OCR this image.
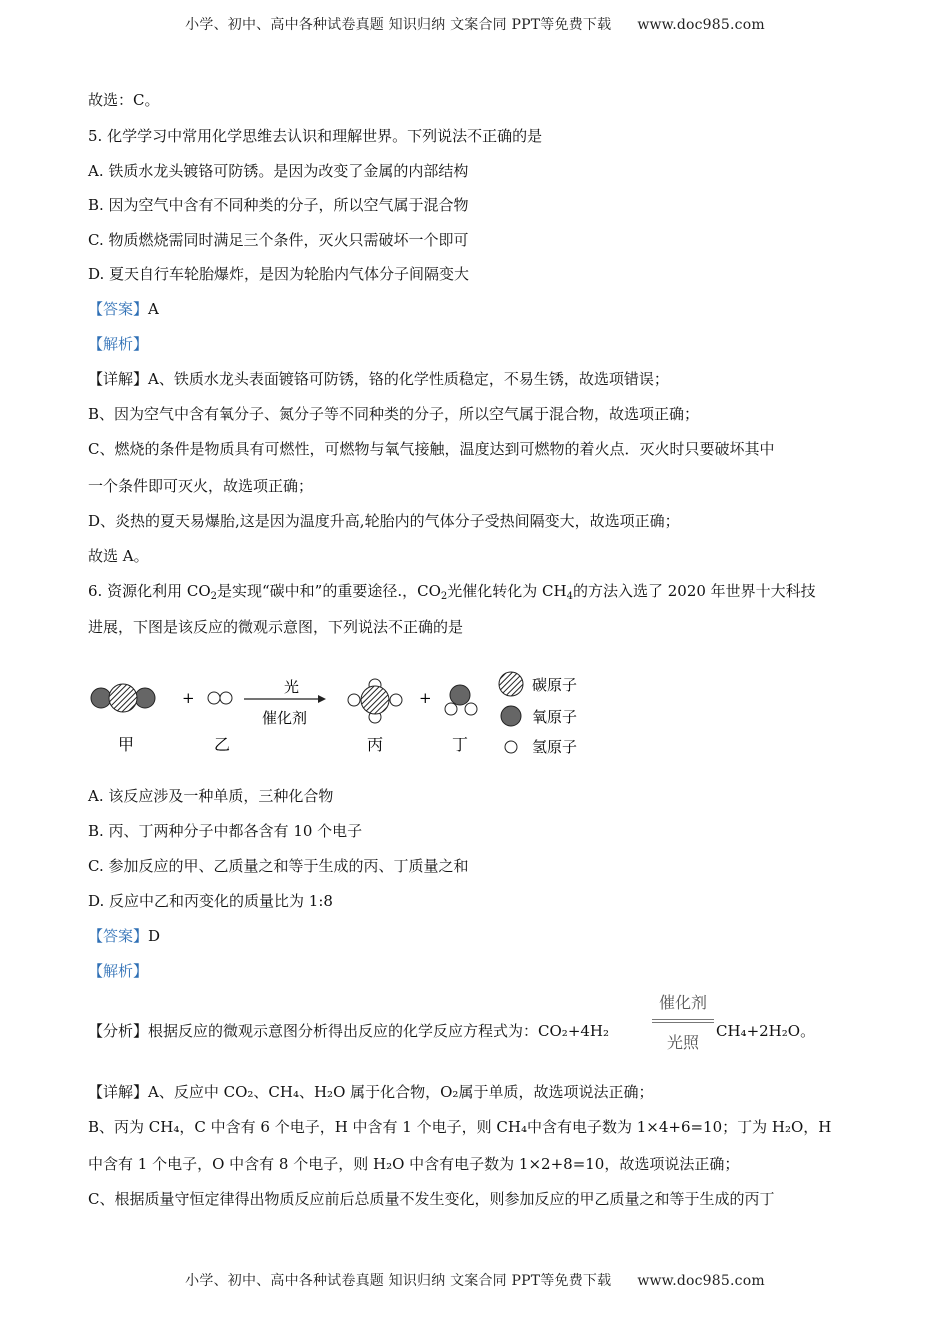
小学、初中、高中各种试卷真题 知识归纳 文案合同 PPT等免费下载 www.doc985.com
故选：C。
5. 化学学习中常用化学思维去认识和理解世界。下列说法不正确的是
A. 铁质水龙头镀铬可防锈。是因为改变了金属的内部结构
B. 因为空气中含有不同种类的分子，所以空气属于混合物
C. 物质燃烧需同时满足三个条件，灭火只需破坏一个即可
D. 夏天自行车轮胎爆炸，是因为轮胎内气体分子间隔变大
【答案】A
【解析】
【详解】A、铁质水龙头表面镀铬可防锈，铬的化学性质稳定，不易生锈，故选项错误；
B、因为空气中含有氧分子、氮分子等不同种类的分子，所以空气属于混合物，故选项正确；
C、燃烧的条件是物质具有可燃性，可燃物与氧气接触，温度达到可燃物的着火点．灭火时只要破坏其中
一个条件即可灭火，故选项正确；
D、炎热的夏天易爆胎,这是因为温度升高,轮胎内的气体分子受热间隔变大，故选项正确；
故选 A。
6. 资源化利用 $CO_2$是实现“碳中和”的重要途径.，$CO_2$光催化转化为 $CH_4$的方法入选了 2020 年世界十大科技
进展，下图是该反应的微观示意图，下列说法不正确的是
+
光
催化剂
+
甲	乙	丙	丁
碳原子
氧原子
氢原子
A. 该反应涉及一种单质，三种化合物
B. 丙、丁两种分子中都各含有 10 个电子
C. 参加反应的甲、乙质量之和等于生成的丙、丁质量之和
D. 反应中乙和丙变化的质量比为 1:8
【答案】D
【解析】
【分析】根据反应的微观示意图分析得出反应的化学反应方程式为：CO₂+4H₂
催化剂
光照
CH₄+2H₂O。
【详解】A、反应中 CO₂、CH₄、H₂O 属于化合物，O₂属于单质，故选项说法正确；
B、丙为 CH₄，C 中含有 6 个电子，H 中含有 1 个电子，则 CH₄中含有电子数为 1×4+6=10；丁为 H₂O，H
中含有 1 个电子，O 中含有 8 个电子，则 H₂O 中含有电子数为 1×2+8=10，故选项说法正确；
C、根据质量守恒定律得出物质反应前后总质量不发生变化，则参加反应的甲乙质量之和等于生成的丙丁
小学、初中、高中各种试卷真题 知识归纳 文案合同 PPT等免费下载 www.doc985.com
